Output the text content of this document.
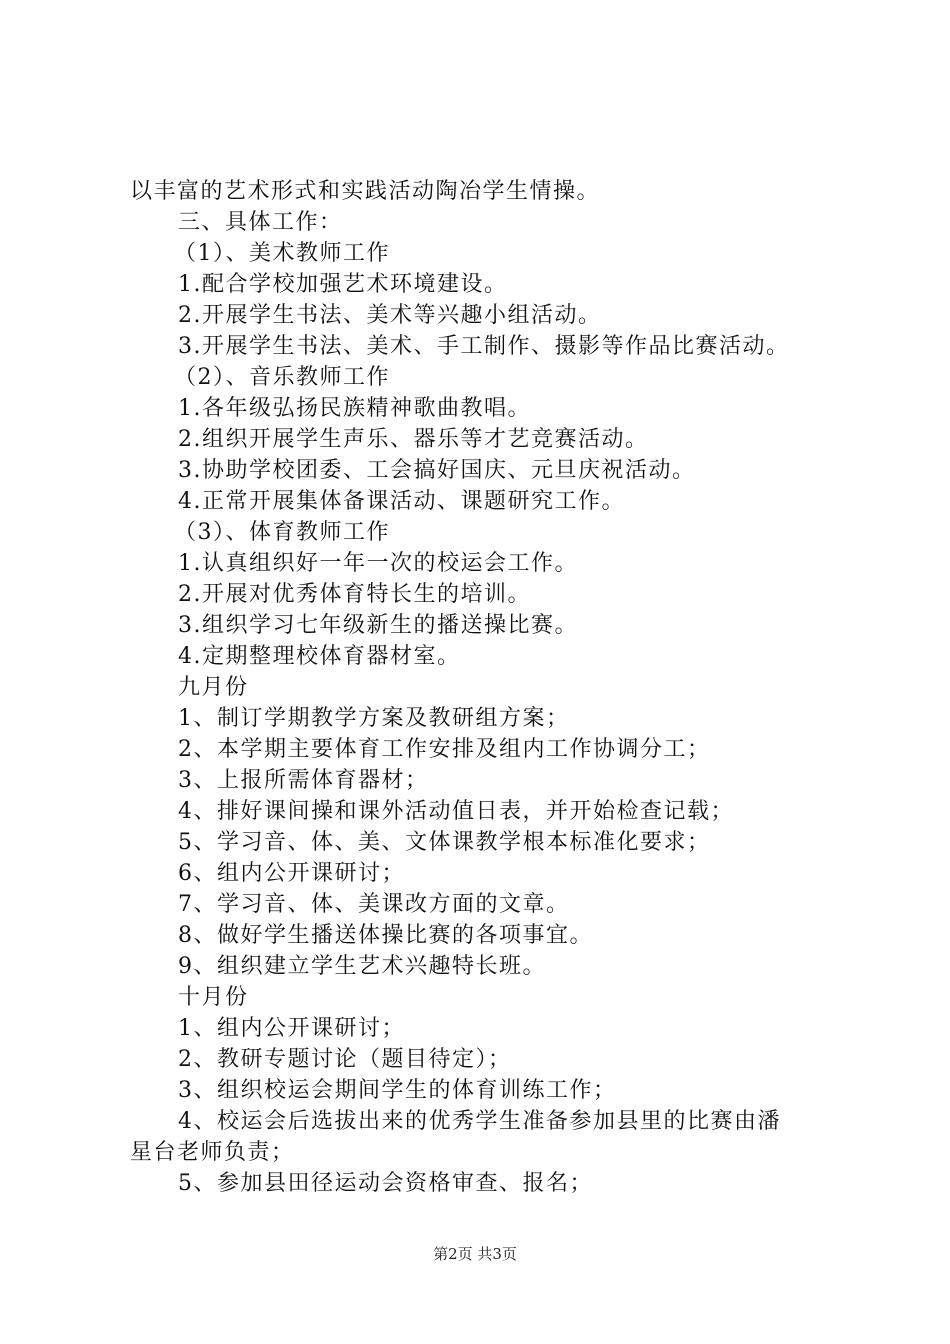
以丰富的艺术形式和实践活动陶冶学生情操。
三、具体工作：
（1）、美术教师工作
1.配合学校加强艺术环境建设。
2.开展学生书法、美术等兴趣小组活动。
3.开展学生书法、美术、手工制作、摄影等作品比赛活动。
（2）、音乐教师工作
1.各年级弘扬民族精神歌曲教唱。
2.组织开展学生声乐、器乐等才艺竞赛活动。
3.协助学校团委、工会搞好国庆、元旦庆祝活动。
4.正常开展集体备课活动、课题研究工作。
（3）、体育教师工作
1.认真组织好一年一次的校运会工作。
2.开展对优秀体育特长生的培训。
3.组织学习七年级新生的播送操比赛。
4.定期整理校体育器材室。
九月份
1、制订学期教学方案及教研组方案；
2、本学期主要体育工作安排及组内工作协调分工；
3、上报所需体育器材；
4、排好课间操和课外活动值日表，并开始检查记载；
5、学习音、体、美、文体课教学根本标准化要求；
6、组内公开课研讨；
7、学习音、体、美课改方面的文章。
8、做好学生播送体操比赛的各项事宜。
9、组织建立学生艺术兴趣特长班。
十月份
1、组内公开课研讨；
2、教研专题讨论（题目待定）；
3、组织校运会期间学生的体育训练工作；
4、校运会后选拔出来的优秀学生准备参加县里的比赛由潘
星台老师负责；
5、参加县田径运动会资格审查、报名；
第2页 共3页
